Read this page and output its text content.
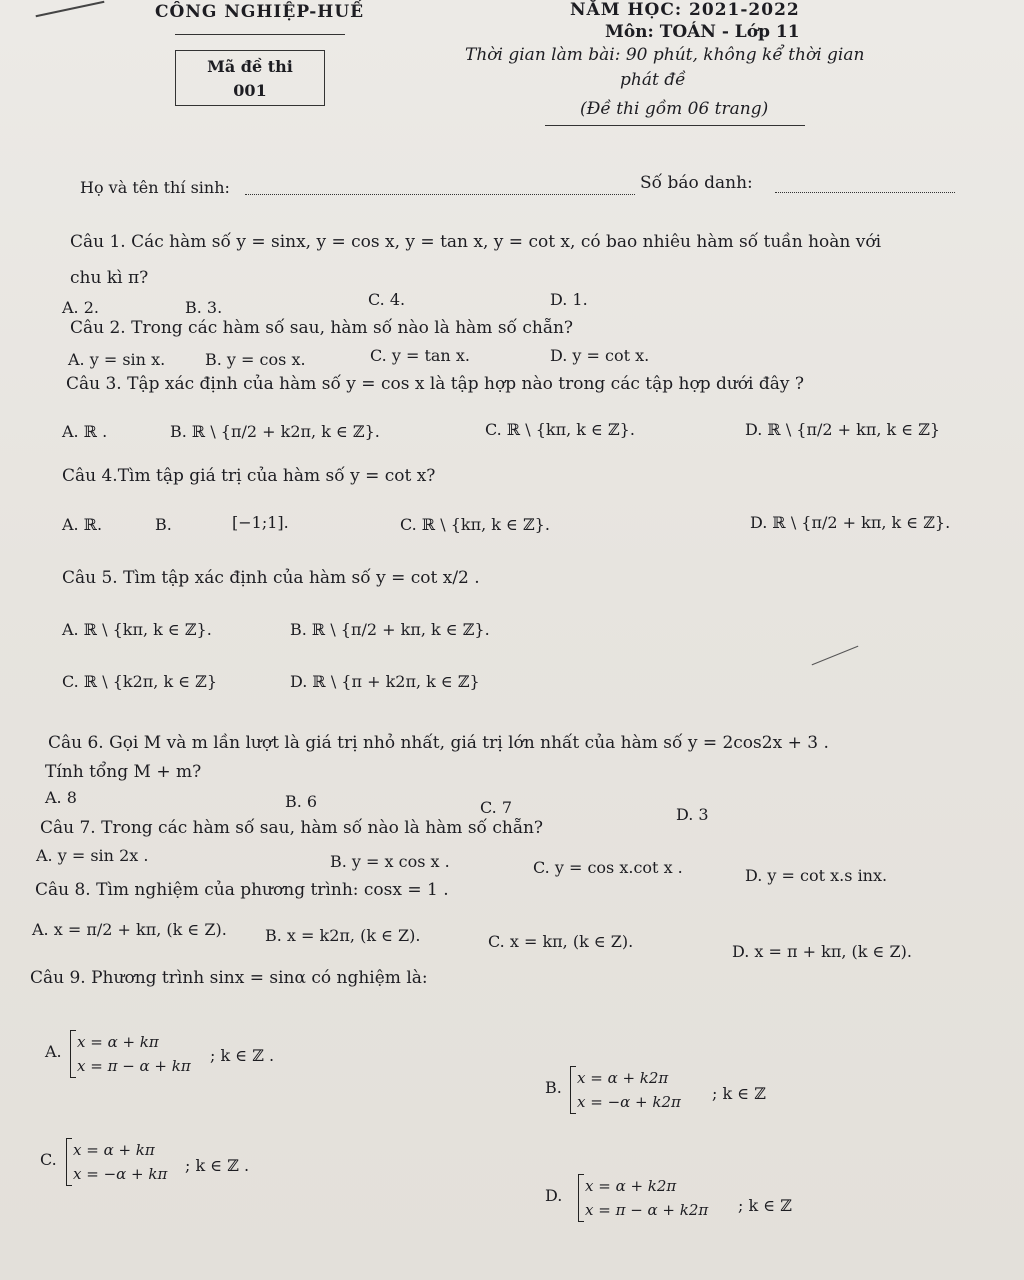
CÔNG NGHIỆP-HUẾ	NĂM HỌC: 2021-2022
Môn: TOÁN - Lớp 11
Mã đề thi
001
Thời gian làm bài: 90 phút, không kể thời gian
phát đề
(Đề thi gồm 06 trang)
Họ và tên thí sinh:	Số báo danh:
Câu 1. Các hàm số y = sinx, y = cos x, y = tan x, y = cot x, có bao nhiêu hàm số tuần hoàn với
chu kì π?
A. 2.	B. 3.	C. 4.	D. 1.
Câu 2. Trong các hàm số sau, hàm số nào là hàm số chẵn?
A. y = sin x. B. y = cos x.	C. y = tan x.	D. y = cot x.
Câu 3. Tập xác định của hàm số y = cos x là tập hợp nào trong các tập hợp dưới đây ?
A. ℝ .	B. ℝ \ {π/2 + k2π, k ∈ ℤ}.	C. ℝ \ {kπ, k ∈ ℤ}.	D. ℝ \ {π/2 + kπ, k ∈ ℤ}
Câu 4.Tìm tập giá trị của hàm số y = cot x?
A. ℝ.	B.	[−1;1].	C. ℝ \ {kπ, k ∈ ℤ}.	D. ℝ \ {π/2 + kπ, k ∈ ℤ}.
Câu 5. Tìm tập xác định của hàm số y = cot x/2 .
A. ℝ \ {kπ, k ∈ ℤ}.	B. ℝ \ {π/2 + kπ, k ∈ ℤ}.
C. ℝ \ {k2π, k ∈ ℤ}	D. ℝ \ {π + k2π, k ∈ ℤ}
Câu 6. Gọi M và m lần lượt là giá trị nhỏ nhất, giá trị lớn nhất của hàm số y = 2cos2x + 3 .
Tính tổng M + m?
A. 8	B. 6	C. 7	D. 3
Câu 7. Trong các hàm số sau, hàm số nào là hàm số chẵn?
A. y = sin 2x .	B. y = x cos x .	C. y = cos x.cot x .	D. y = cot x.s inx.
Câu 8. Tìm nghiệm của phương trình: cosx = 1 .
A. x = π/2 + kπ, (k ∈ Z). B. x = k2π, (k ∈ Z).	C. x = kπ, (k ∈ Z).
D. x = π + kπ, (k ∈ Z).
Câu 9. Phương trình sinx = sinα có nghiệm là:
A. x = α + kπ
x = π − α + kπ
; k ∈ ℤ .
B. x = α + k2π
x = −α + k2π ; k ∈ ℤ
C. x = α + kπ
x = −α + kπ ; k ∈ ℤ .
D. x = α + k2π
x = π − α + k2π ; k ∈ ℤ
